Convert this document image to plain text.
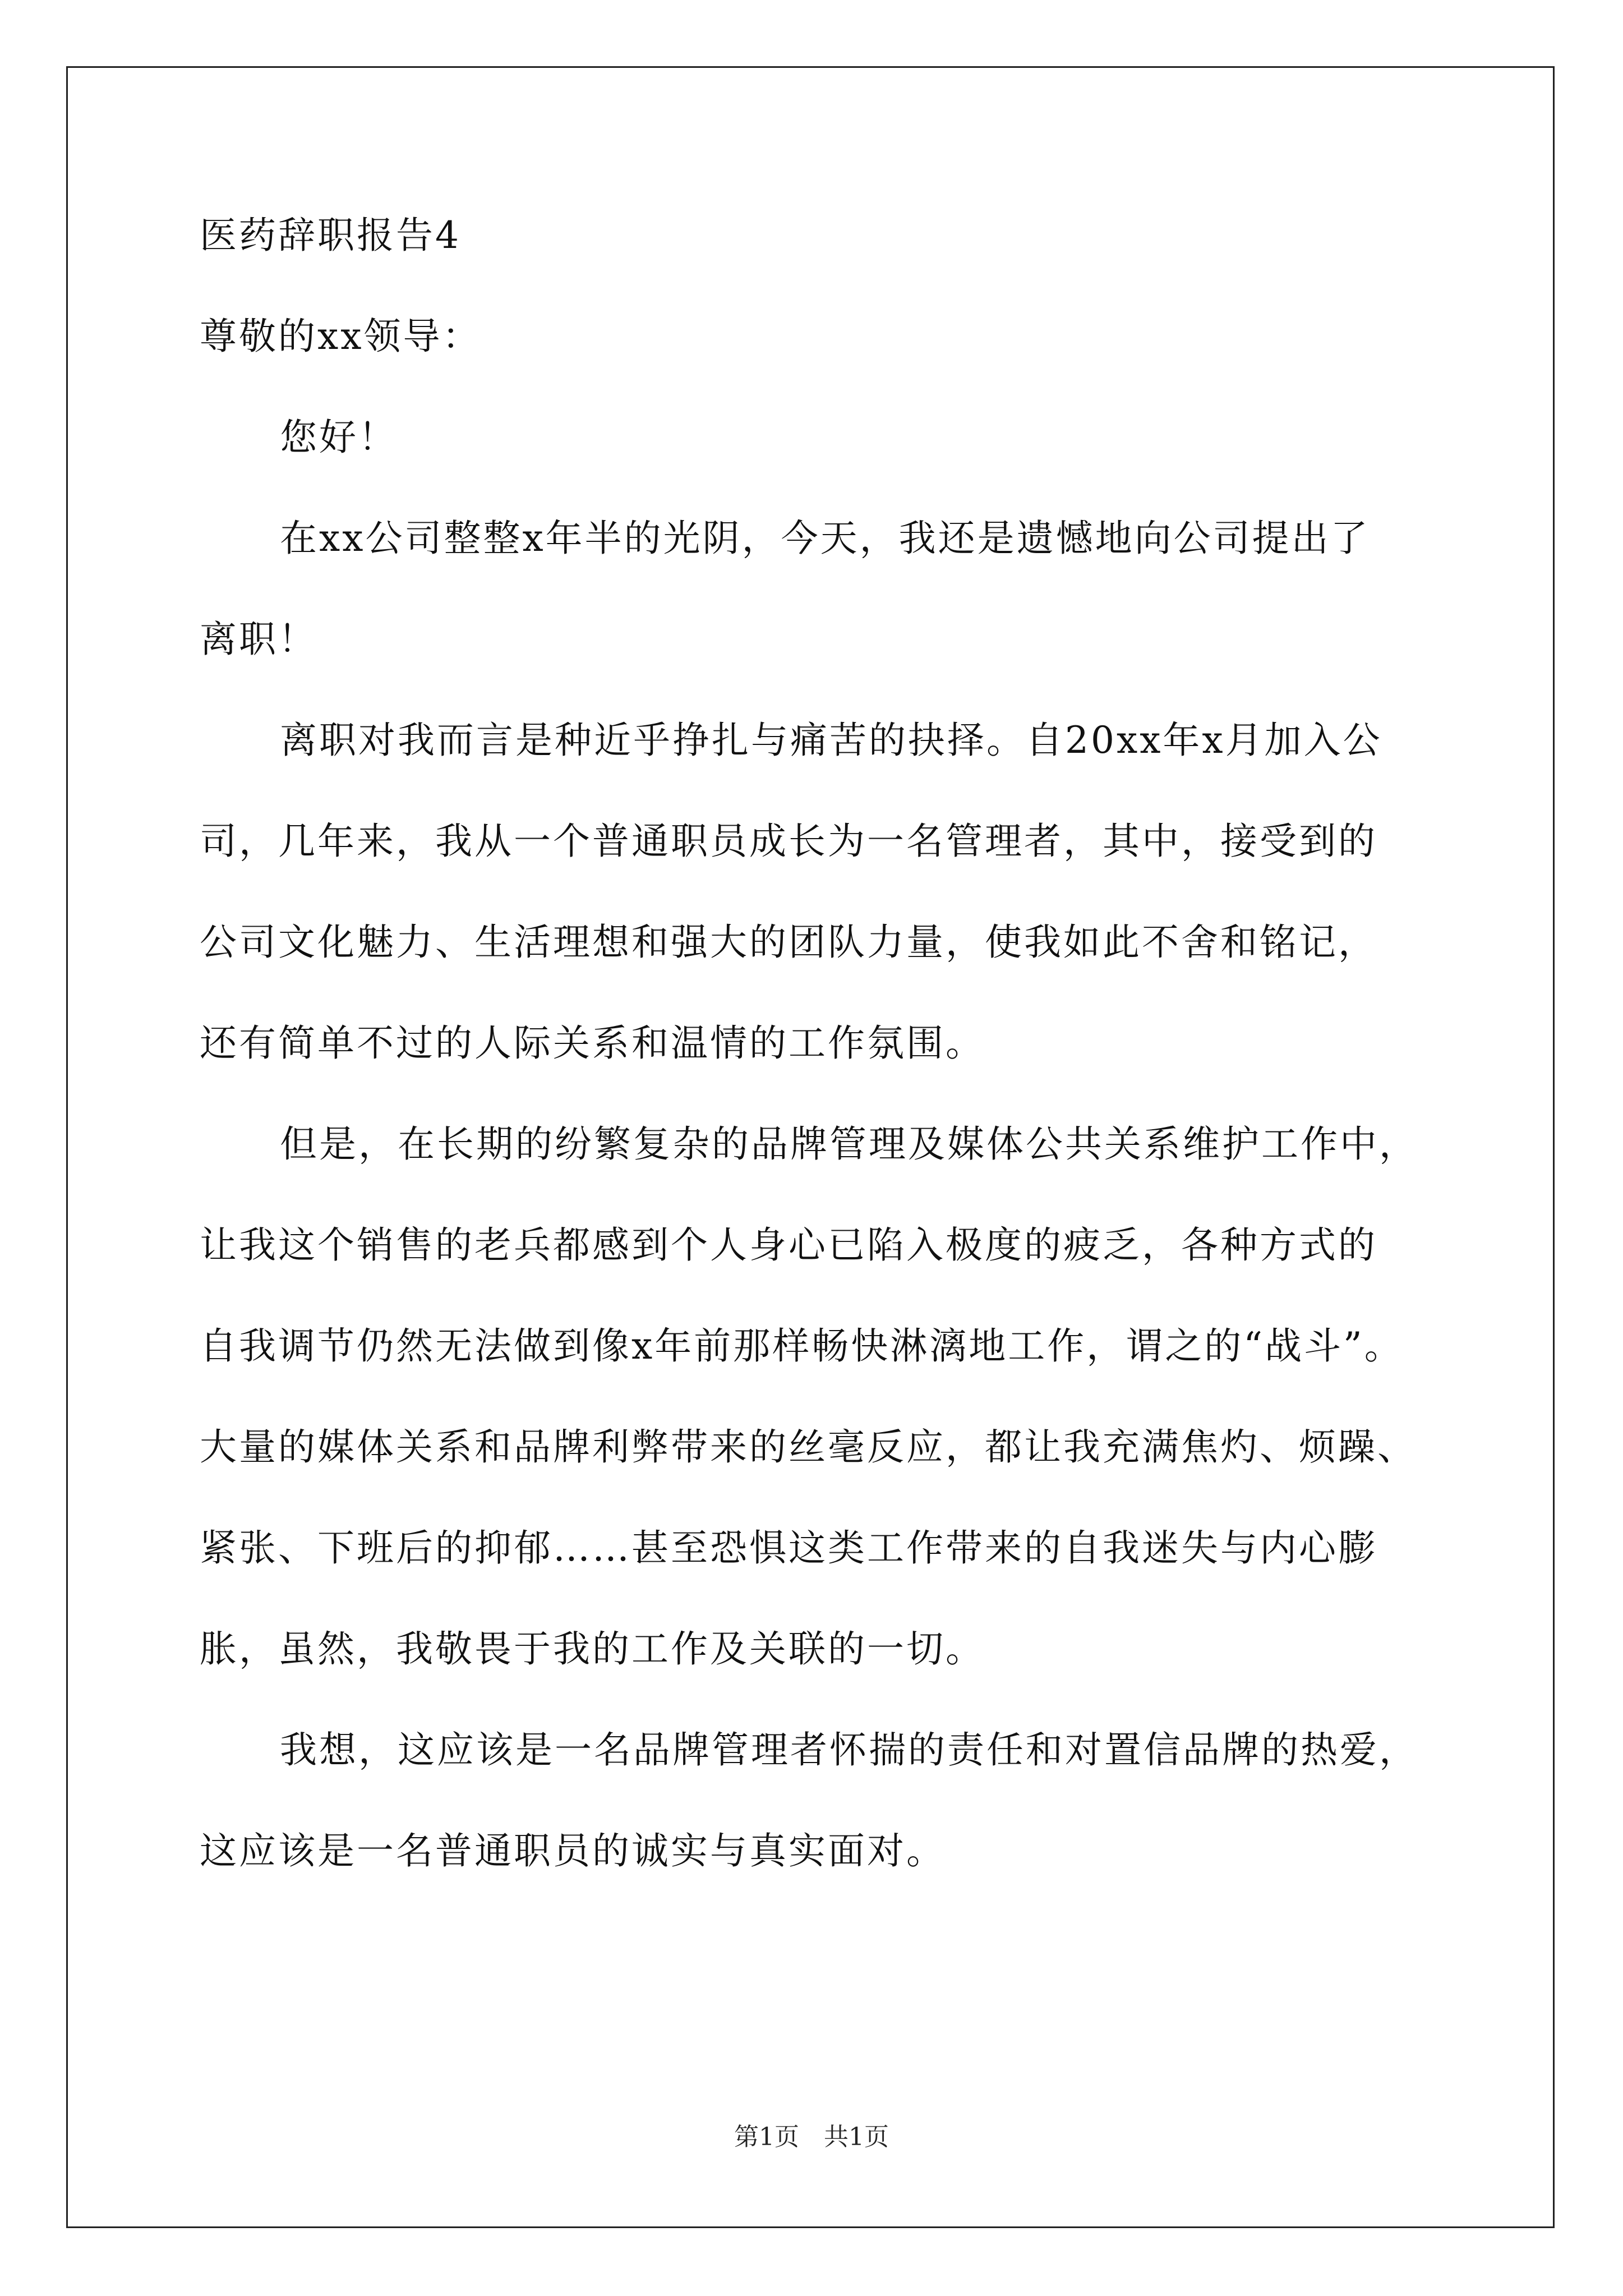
医药辞职报告4
尊敬的xx领导：
您好！
在xx公司整整x年半的光阴，今天，我还是遗憾地向公司提出了
离职！
离职对我而言是种近乎挣扎与痛苦的抉择。自20xx年x月加入公
司，几年来，我从一个普通职员成长为一名管理者，其中，接受到的
公司文化魅力、生活理想和强大的团队力量，使我如此不舍和铭记，
还有简单不过的人际关系和温情的工作氛围。
但是，在长期的纷繁复杂的品牌管理及媒体公共关系维护工作中，
让我这个销售的老兵都感到个人身心已陷入极度的疲乏，各种方式的
自我调节仍然无法做到像x年前那样畅快淋漓地工作，谓之的“战斗”。
大量的媒体关系和品牌利弊带来的丝毫反应，都让我充满焦灼、烦躁、
紧张、下班后的抑郁……甚至恐惧这类工作带来的自我迷失与内心膨
胀，虽然，我敬畏于我的工作及关联的一切。
我想，这应该是一名品牌管理者怀揣的责任和对置信品牌的热爱，
这应该是一名普通职员的诚实与真实面对。
第1页　共1页
